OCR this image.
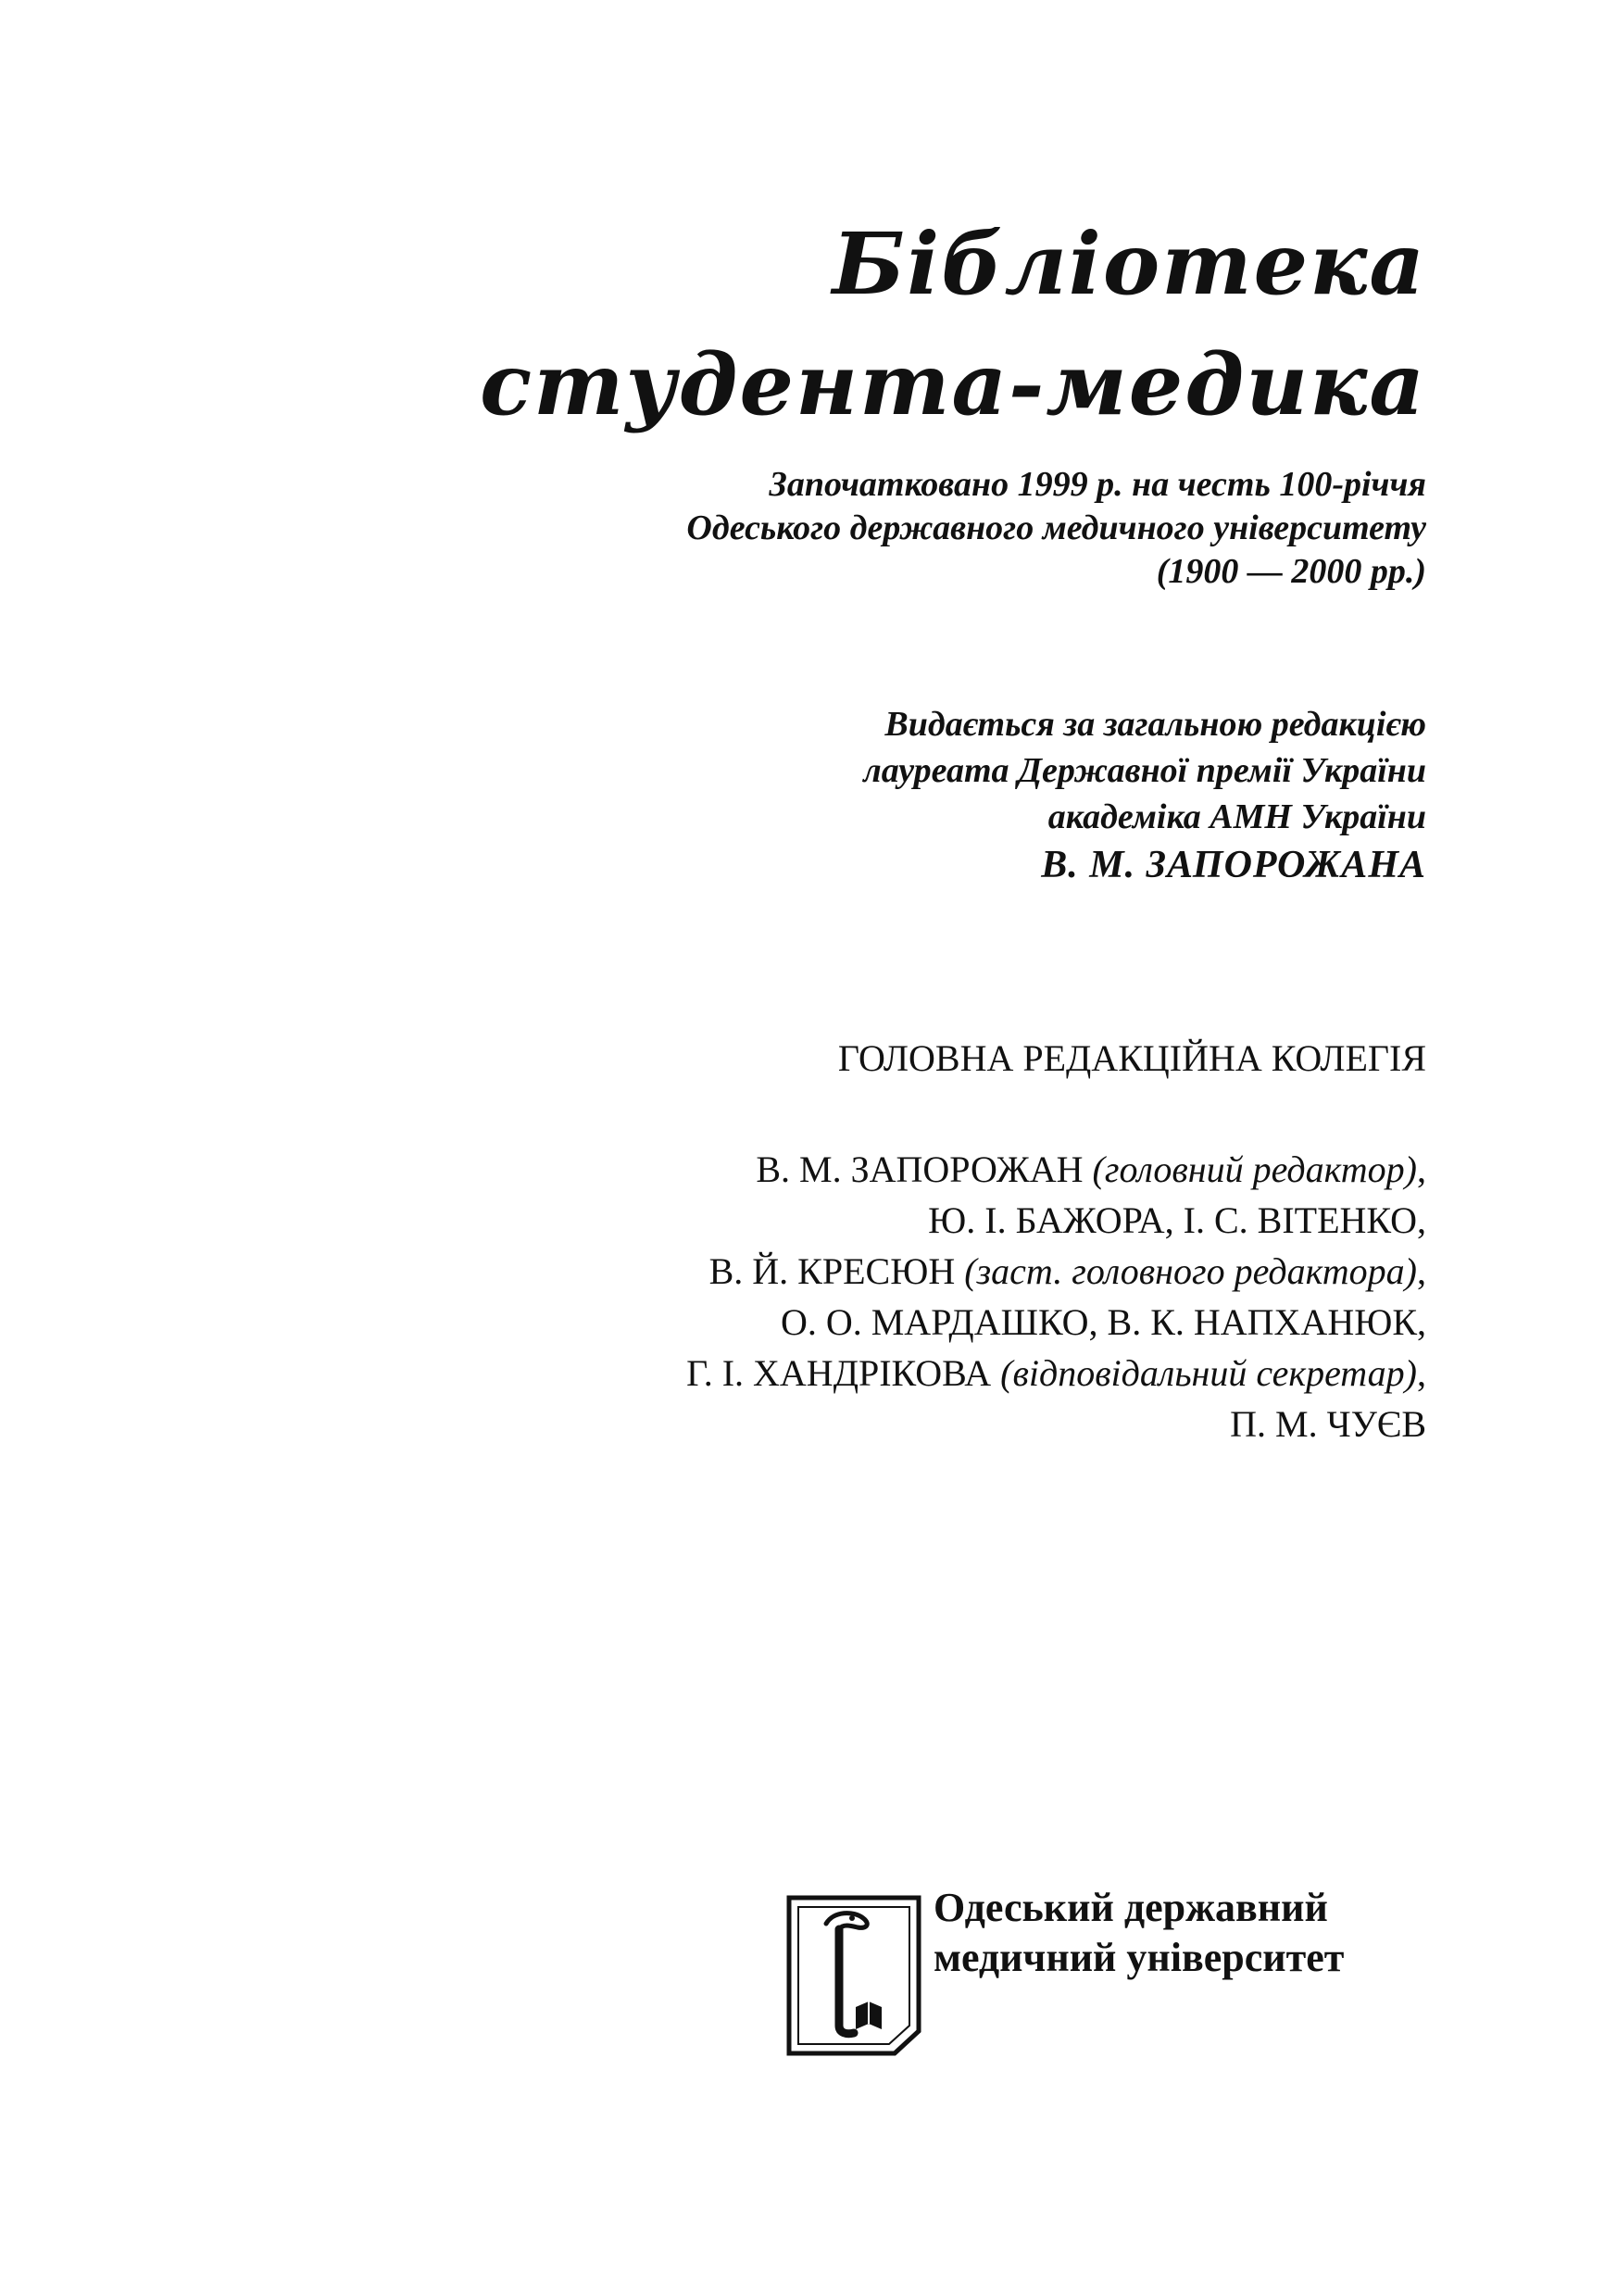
Бібліотека
студента-медика
Започатковано 1999 р. на честь 100-річчя
Одеського державного медичного університету
(1900 — 2000 рр.)
Видається за загальною редакцією
лауреата Державної премії України
академіка АМН України
В. М. ЗАПОРОЖАНА
ГОЛОВНА РЕДАКЦІЙНА КОЛЕГІЯ
В. М. ЗАПОРОЖАН (головний редактор),
Ю. І. БАЖОРА, І. С. ВІТЕНКО,
В. Й. КРЕСЮН (заст. головного редактора),
О. О. МАРДАШКО, В. К. НАПХАНЮК,
Г. І. ХАНДРІКОВА (відповідальний секретар),
П. М. ЧУЄВ
Одеський державний
медичний університет
